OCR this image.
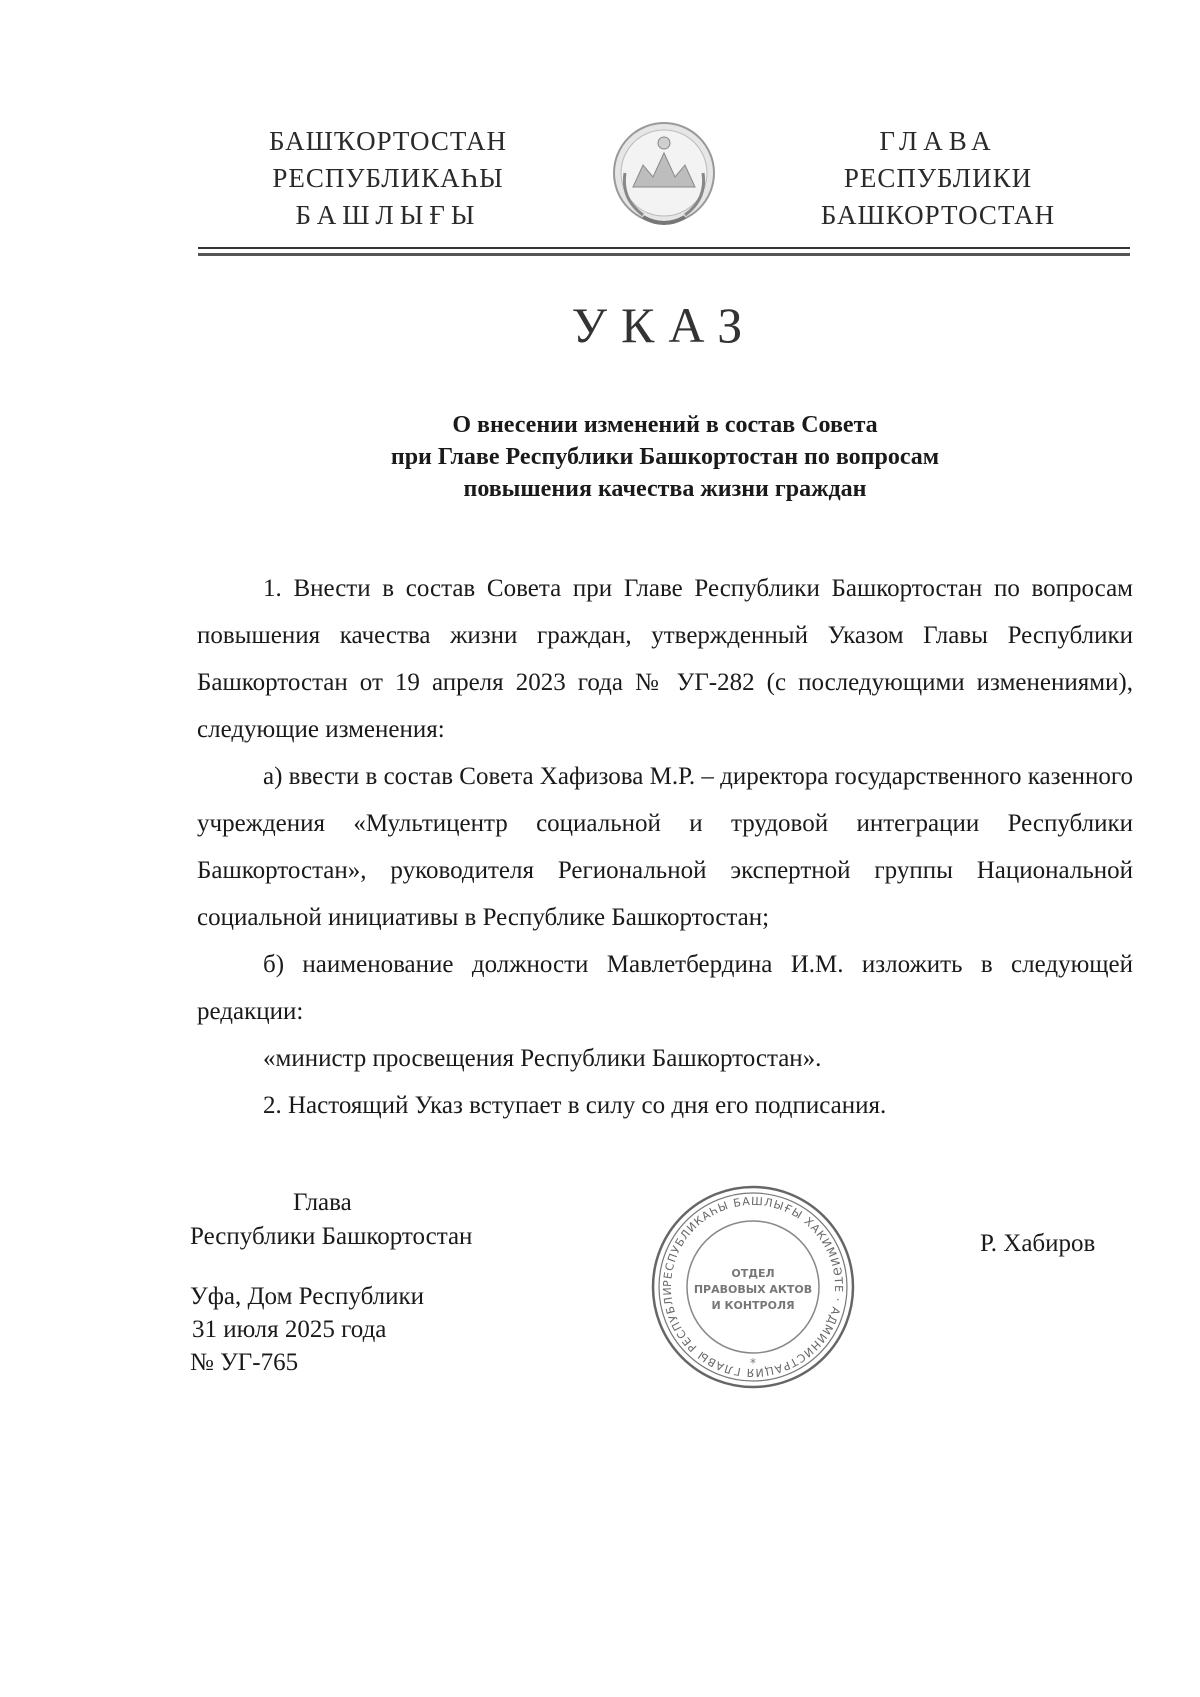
БАШҠОРТОСТАН
РЕСПУБЛИКАҺЫ
БАШЛЫҒЫ
ГЛАВА
РЕСПУБЛИКИ
БАШКОРТОСТАН
УКАЗ
О внесении изменений в состав Совета
при Главе Республики Башкортостан по вопросам
повышения качества жизни граждан

1. Внести в состав Совета при Главе Республики Башкортостан по вопросам повышения качества жизни граждан, утвержденный Указом Главы Республики Башкортостан от 19 апреля 2023 года № УГ-282 (с последующими изменениями), следующие изменения:

а) ввести в состав Совета Хафизова М.Р. – директора государственного казенного учреждения «Мультицентр социальной и трудовой интеграции Республики Башкортостан», руководителя Региональной экспертной группы Национальной социальной инициативы в Республике Башкортостан;

б) наименование должности Мавлетбердина И.М. изложить в следующей редакции:

«министр просвещения Республики Башкортостан».

2. Настоящий Указ вступает в силу со дня его подписания.

Глава
Республики Башкортостан
РЕСПУБЛИКАҺЫ БАШЛЫҒЫ ХАКИМИӘТЕ · АДМИНИСТРАЦИЯ ГЛАВЫ РЕСПУБЛИ
ОТДЕЛ
ПРАВОВЫХ АКТОВ
И КОНТРОЛЯ
*
Р. Хабиров
Уфа, Дом Республики
31 июля 2025 года
№ УГ-765
